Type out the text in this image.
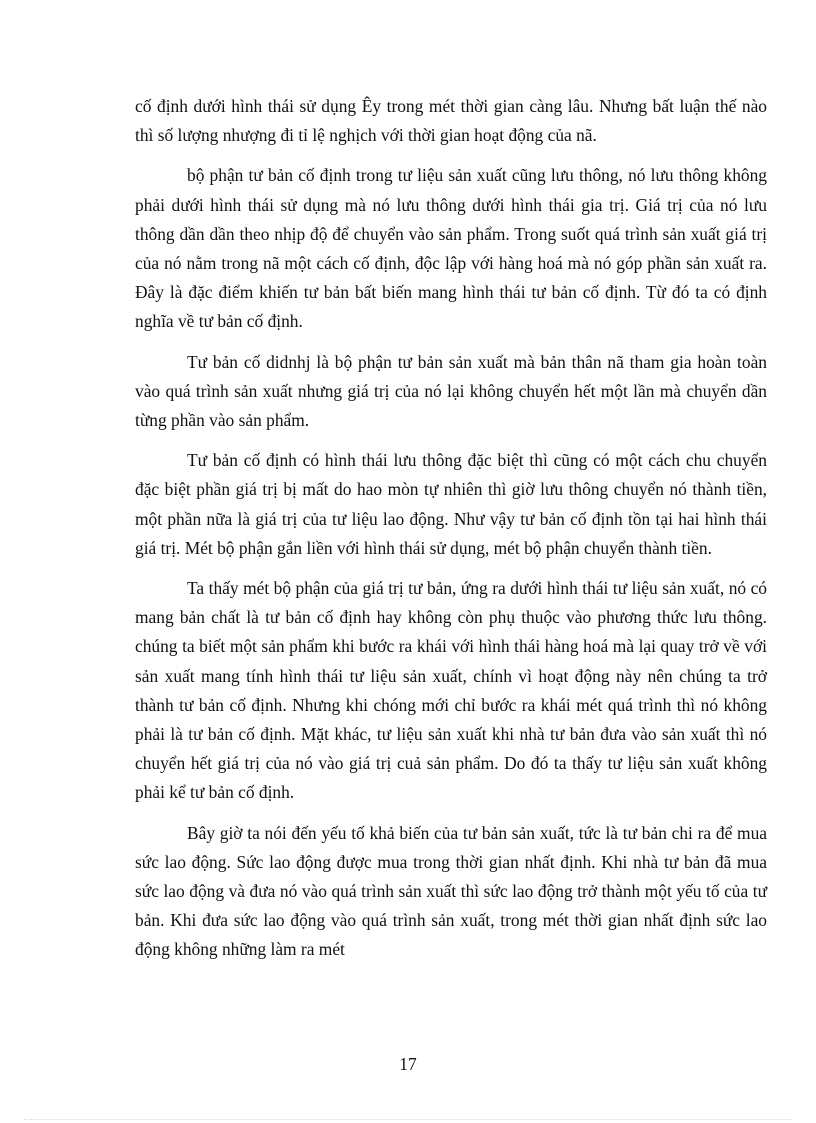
cố định dưới hình thái sử dụng Êy trong mét thời gian càng lâu. Nhưng bất luận thế nào thì số lượng nhượng đi tỉ lệ nghịch với thời gian hoạt động của nã.

bộ phận tư bản cố định trong tư liệu sản xuất cũng lưu thông, nó lưu thông không phải dưới hình thái sử dụng mà nó lưu thông dưới hình thái gia trị. Giá trị của nó lưu thông dần dần theo nhịp độ để chuyển vào sản phẩm. Trong suốt quá trình sản xuất giá trị của nó nằm trong nã một cách cố định, độc lập với hàng hoá mà nó góp phần sản xuất ra. Đây là đặc điểm khiến tư bản bất biến mang hình thái tư bản cố định. Từ đó ta có định nghĩa về tư bản cố định.

Tư bản cố didnhj là bộ phận tư bản sản xuất mà bản thân nã tham gia hoàn toàn vào quá trình sản xuất nhưng giá trị của nó lại không chuyển hết một lần mà chuyển dần từng phần vào sản phẩm.

Tư bản cố định có hình thái lưu thông đặc biệt thì cũng có một cách chu chuyển đặc biệt phần giá trị bị mất do hao mòn tự nhiên thì giờ lưu thông chuyển nó thành tiền, một phần nữa là giá trị của tư liệu lao động. Như vậy tư bản cố định tồn tại hai hình thái giá trị. Mét bộ phận gắn liền với hình thái sử dụng, mét bộ phận chuyển thành tiền.

Ta thấy mét bộ phận của giá trị tư bản, ứng ra dưới hình thái tư liệu sản xuất, nó có mang bản chất là tư bản cố định hay không còn phụ thuộc vào phương thức lưu thông. chúng ta biết một sản phẩm khi bước ra khái với hình thái hàng hoá mà lại quay trở về với sản xuất mang tính hình thái tư liệu sản xuất, chính vì hoạt động này nên chúng ta trở thành tư bản cố định. Nhưng khi chóng mới chỉ bước ra khái mét quá trình thì nó không phải là tư bản cố định. Mặt khác, tư liệu sản xuất khi nhà tư bản đưa vào sản xuất thì nó chuyển hết giá trị của nó vào giá trị cuả sản phẩm. Do đó ta thấy tư liệu sản xuất không phải kể tư bản cố định.

Bây giờ ta nói đến yếu tố khả biến của tư bản sản xuất, tức là tư bản chi ra để mua sức lao động. Sức lao động được mua trong thời gian nhất định. Khi nhà tư bản đã mua sức lao động và đưa nó vào quá trình sản xuất thì sức lao động trở thành một yếu tố của tư bản. Khi đưa sức lao động vào quá trình sản xuất, trong mét thời gian nhất định sức lao động không những làm ra mét

17
